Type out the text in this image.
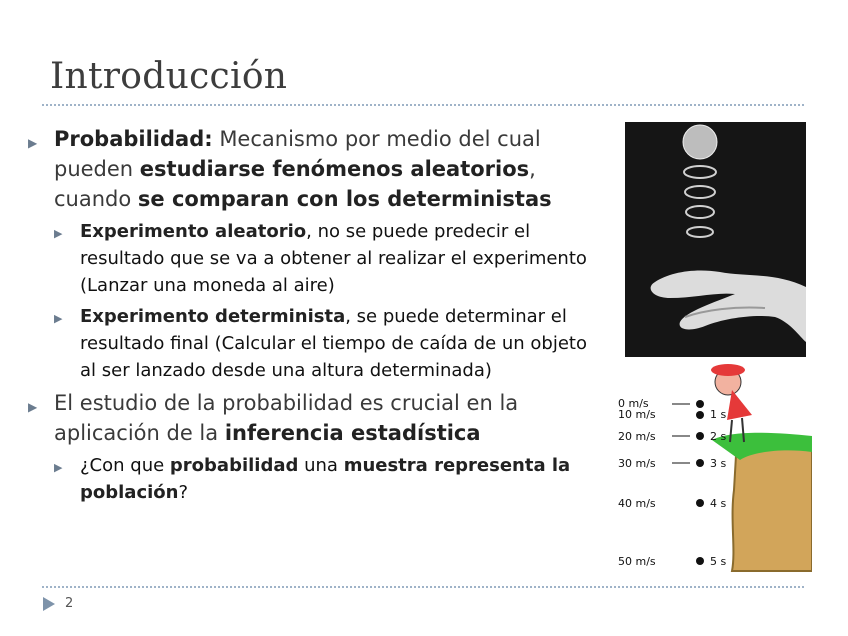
Introducción
▶ Probabilidad: Mecanismo por medio del cual pueden estudiarse fenómenos aleatorios, cuando se comparan con los deterministas
▶ Experimento aleatorio, no se puede predecir el resultado que se va a obtener al realizar el experimento (Lanzar una moneda al aire)
▶ Experimento determinista, se puede determinar el resultado final (Calcular el tiempo de caída de un objeto al ser lanzado desde una altura determinada)
▶ El estudio de la probabilidad es crucial en la aplicación de la inferencia estadística
▶ ¿Con que probabilidad una muestra representa la población?
0 m/s
10 m/s
20 m/s
30 m/s
40 m/s
50 m/s
1 s
2 s
3 s
4 s
5 s
2
